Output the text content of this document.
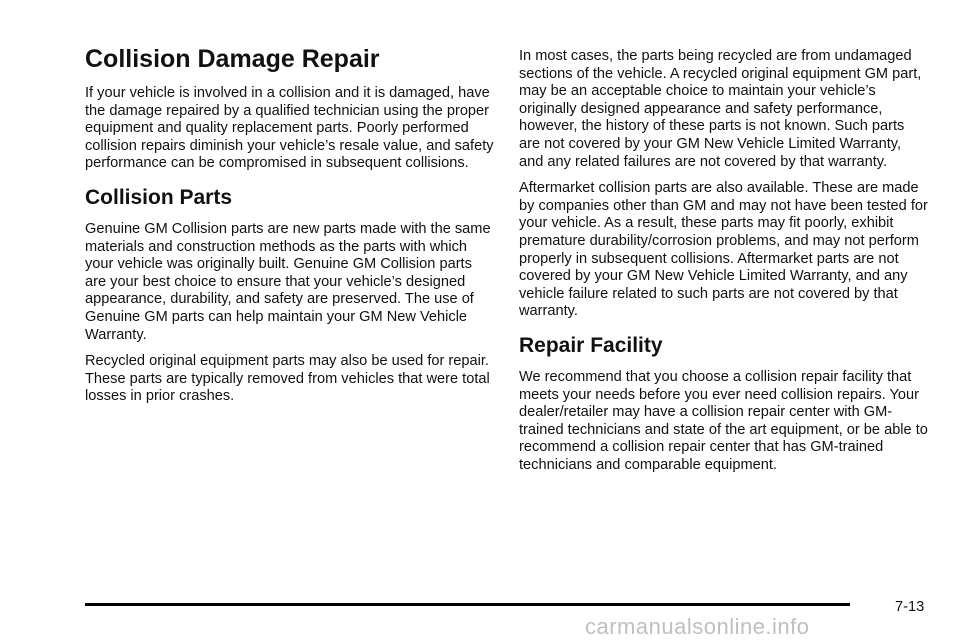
Collision Damage Repair

If your vehicle is involved in a collision and it is damaged, have the damage repaired by a qualified technician using the proper equipment and quality replacement parts. Poorly performed collision repairs diminish your vehicle’s resale value, and safety performance can be compromised in subsequent collisions.

Collision Parts

Genuine GM Collision parts are new parts made with the same materials and construction methods as the parts with which your vehicle was originally built. Genuine GM Collision parts are your best choice to ensure that your vehicle’s designed appearance, durability, and safety are preserved. The use of Genuine GM parts can help maintain your GM New Vehicle Warranty.

Recycled original equipment parts may also be used for repair. These parts are typically removed from vehicles that were total losses in prior crashes.

In most cases, the parts being recycled are from undamaged sections of the vehicle. A recycled original equipment GM part, may be an acceptable choice to maintain your vehicle’s originally designed appearance and safety performance, however, the history of these parts is not known. Such parts are not covered by your GM New Vehicle Limited Warranty, and any related failures are not covered by that warranty.

Aftermarket collision parts are also available. These are made by companies other than GM and may not have been tested for your vehicle. As a result, these parts may fit poorly, exhibit premature durability/corrosion problems, and may not perform properly in subsequent collisions. Aftermarket parts are not covered by your GM New Vehicle Limited Warranty, and any vehicle failure related to such parts are not covered by that warranty.

Repair Facility

We recommend that you choose a collision repair facility that meets your needs before you ever need collision repairs. Your dealer/retailer may have a collision repair center with GM-trained technicians and state of the art equipment, or be able to recommend a collision repair center that has GM-trained technicians and comparable equipment.

7-13
carmanualsonline.info
